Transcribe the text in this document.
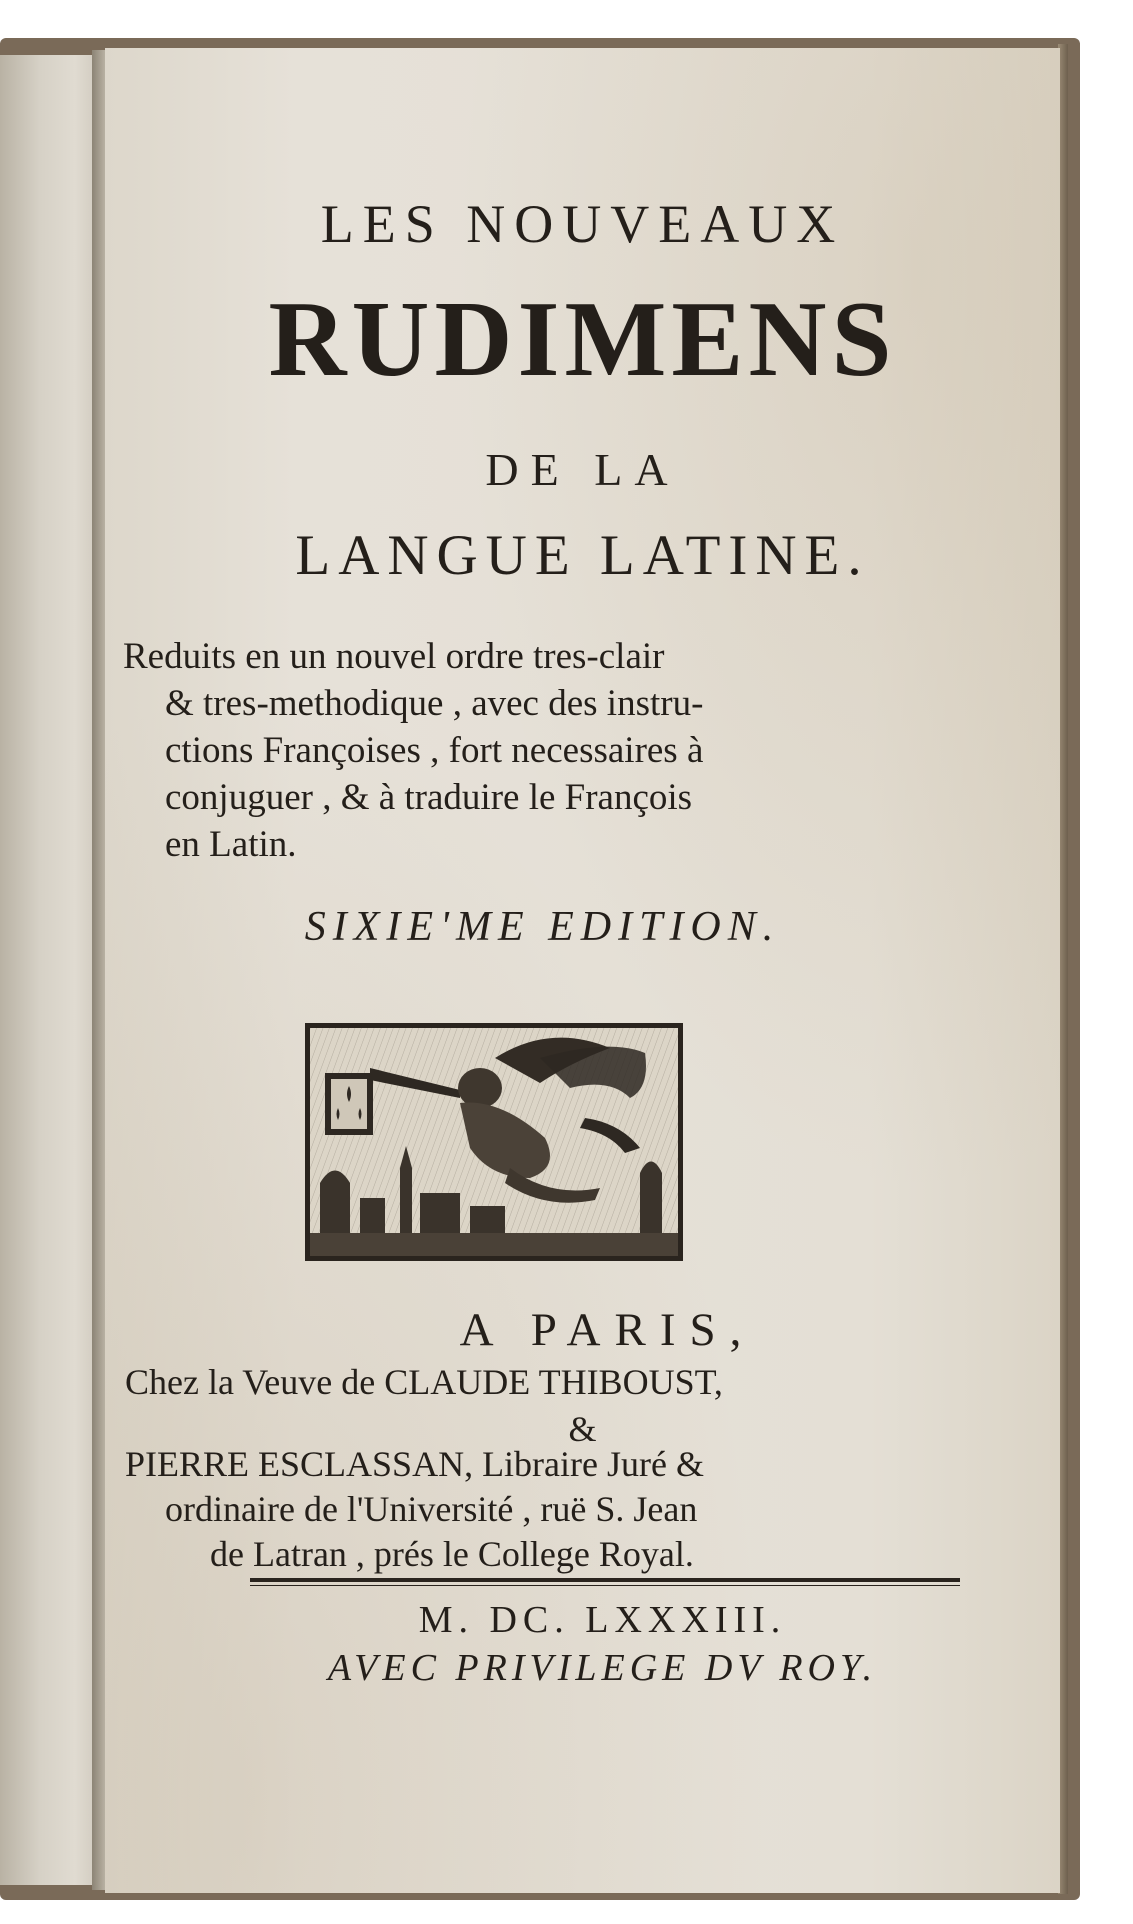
LES NOUVEAUX

RUDIMENS

DE LA

LANGUE LATINE.

Reduits en un nouvel ordre tres-clair
& tres-methodique , avec des instru-
ctions Françoises , fort necessaires à
conjuguer , & à traduire le François
en Latin.

SIXIE'ME EDITION.

A PARIS,

Chez la Veuve de CLAUDE THIBOUST,
&
PIERRE ESCLASSAN, Libraire Juré &
ordinaire de l'Université , ruë S. Jean
de Latran , prés le College Royal.

M. DC. LXXXIII.

AVEC PRIVILEGE DV ROY.
